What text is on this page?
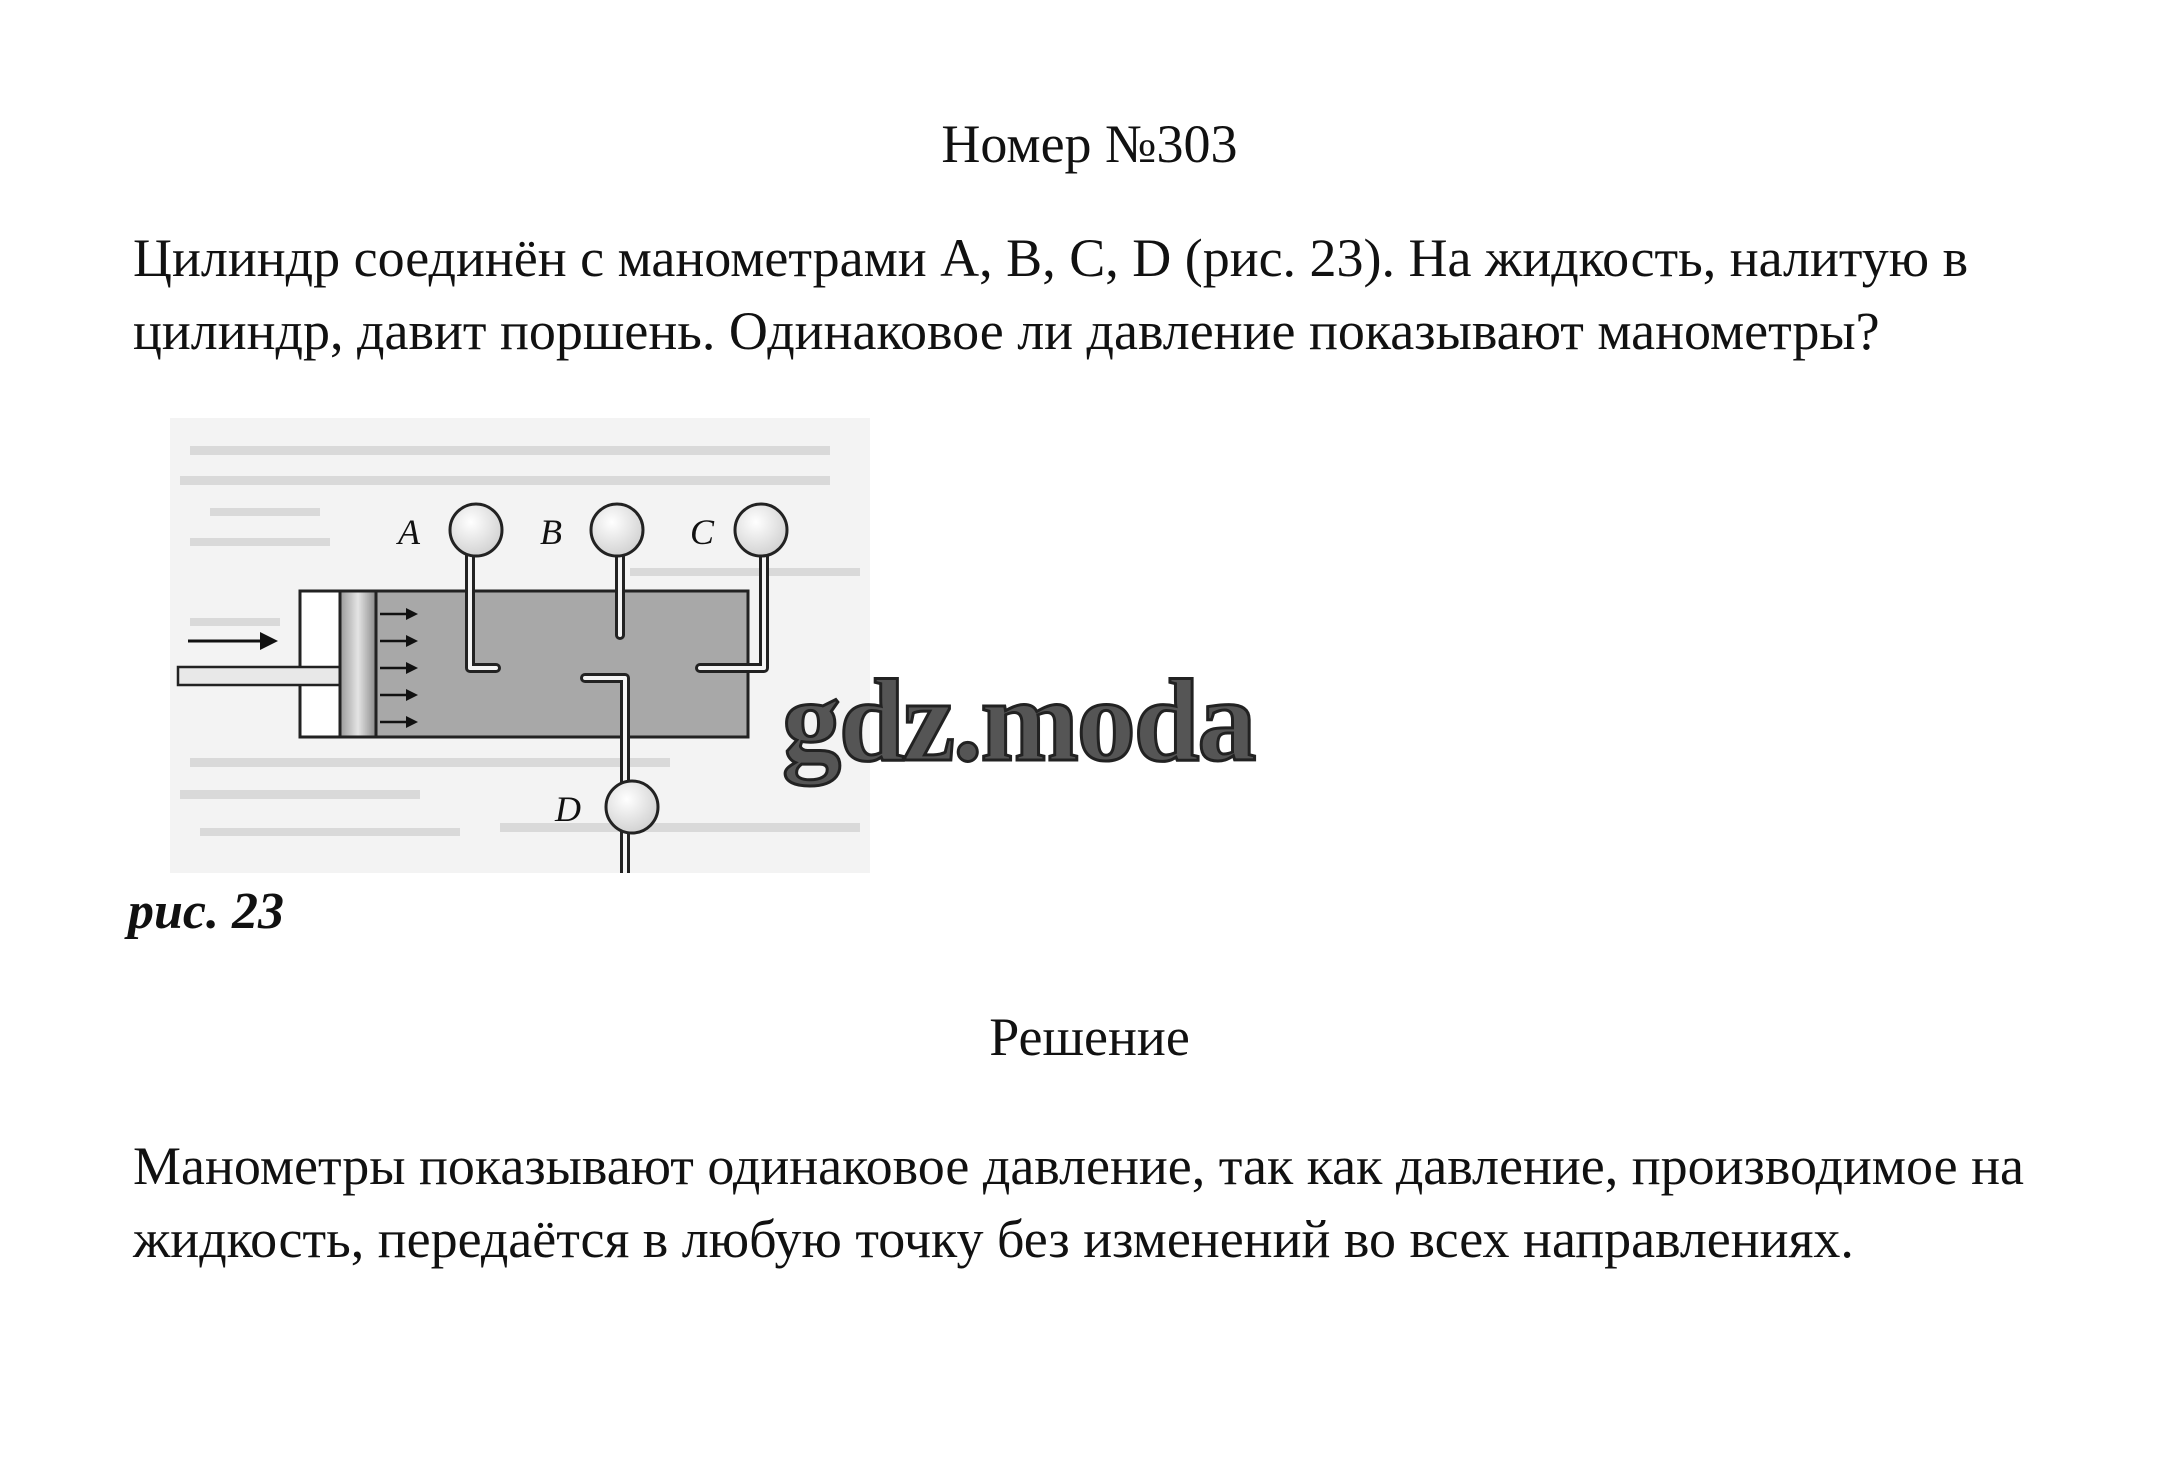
Номер №303
Цилиндр соединён с манометрами A, B, C, D (рис. 23). На жидкость, налитую в цилиндр, давит поршень. Одинаковое ли давление показывают манометры?
A	B	C
D
рис. 23
Решение
Манометры показывают одинаковое давление, так как давление, производимое на жидкость, передаётся в любую точку без изменений во всех направлениях.
gdz.moda
